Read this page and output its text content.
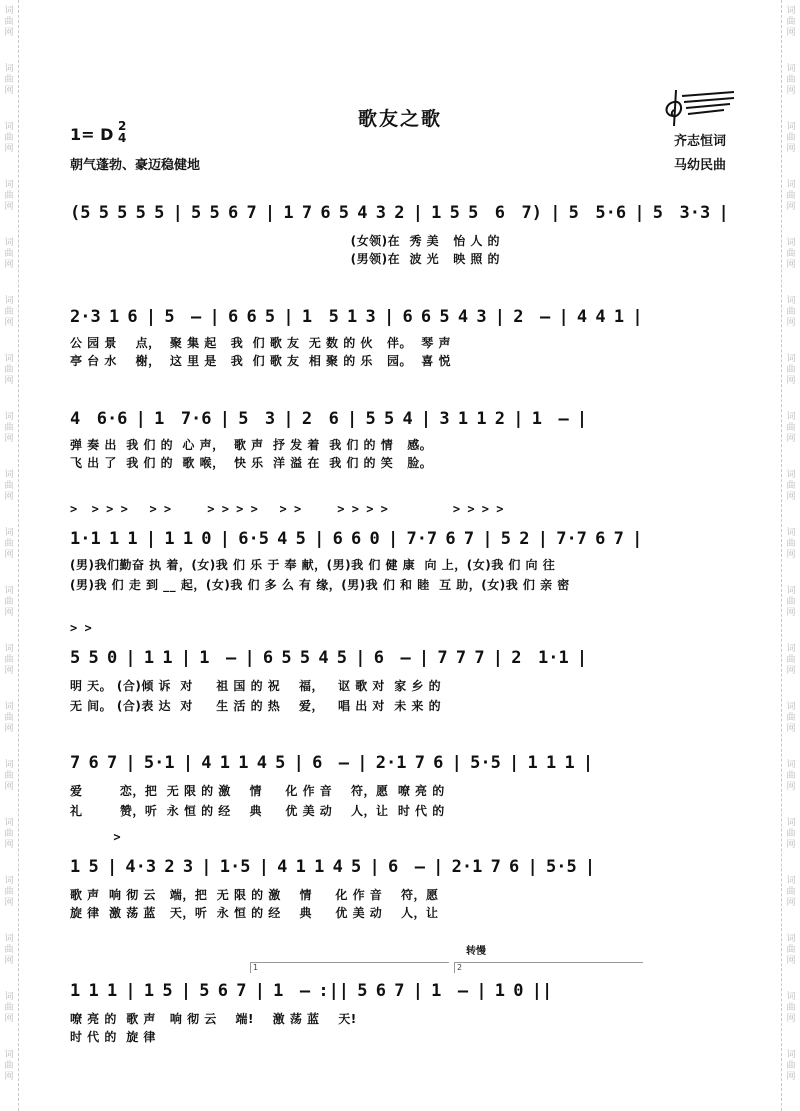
词
曲
网
词
曲
网
词
曲
网
词
曲
网
词
曲
网
词
曲
网
词
曲
网
词
曲
网
词
曲
网
词
曲
网
词
曲
网
词
曲
网
词
曲
网
词
曲
网
词
曲
网
词
曲
网
词
曲
网
词
曲
网
词
曲
网
词
曲
网
词
曲
网
词
曲
网
词
曲
网
词
曲
网
词
曲
网
词
曲
网
词
曲
网
词
曲
网
词
曲
网
词
曲
网
词
曲
网
词
曲
网
词
曲
网
词
曲
网
词
曲
网
词
曲
网
词
曲
网
词
曲
网
歌友之歌
1= D 2
4
朝气蓬勃、豪迈稳健地
齐志恒词
马幼民曲
(5 5 5 5 5 | 5 5 6 7 | 1 7 6 5 4 3 2 | 1 5 5  6  7) | 5  5·6 | 5  3·3 |
(女领)在  秀 美   怡 人 的
(男领)在  波 光   映 照 的
2·3 1 6 | 5  – | 6 6 5 | 1  5 1 3 | 6 6 5 4 3 | 2  – | 4 4 1 |
公 园 景    点，  聚 集 起   我  们 歌 友  无 数 的 伙   伴。  琴 声
亭 台 水    榭，  这 里 是   我  们 歌 友  相 聚 的 乐   园。  喜 悦
4  6·6 | 1  7·6 | 5  3 | 2  6 | 5 5 4 | 3 1 1 2 | 1  – |
弹 奏 出  我 们 的  心 声，  歌 声  抒 发 着  我 们 的 情   感。
飞 出 了  我 们 的  歌 喉，  快 乐  洋 溢 在  我 们 的 笑   脸。
>  > > >   > >     > > > >   > >     > > > >         > > > >
1·1 1 1 | 1 1 0 | 6·5 4 5 | 6 6 0 | 7·7 6 7 | 5 2 | 7·7 6 7 |
(男)我们勤奋 执 着，(女)我 们 乐 于 奉 献，(男)我 们 健 康  向 上，(女)我 们 向 往
(男)我 们 走 到 __ 起，(女)我 们 多 么 有 缘，(男)我 们 和 睦  互 助，(女)我 们 亲 密
> >
5 5 0 | 1 1 | 1  – | 6 5 5 4 5 | 6  – | 7 7 7 | 2  1·1 |
明 天。 (合)倾 诉  对     祖 国 的 祝    福，   讴 歌 对  家 乡 的
无 间。 (合)表 达  对     生 活 的 热    爱，   唱 出 对  未 来 的
7 6 7 | 5·1 | 4 1 1 4 5 | 6  – | 2·1 7 6 | 5·5 | 1 1 1 |
爱        恋，把  无 限 的 激    情     化 作 音    符，愿  嘹 亮 的
礼        赞，听  永 恒 的 经    典     优 美 动    人，让  时 代 的
>
1 5 | 4·3 2 3 | 1·5 | 4 1 1 4 5 | 6  – | 2·1 7 6 | 5·5 |
歌 声  响 彻 云   端，把  无 限 的 激    情     化 作 音    符，愿
旋 律  激 荡 蓝   天，听  永 恒 的 经    典     优 美 动    人，让
转慢
1	2
1 1 1 | 1 5 | 5 6 7 | 1  – :|| 5 6 7 | 1  – | 1 0 ||
嘹 亮 的  歌 声   响 彻 云    端!    激 荡 蓝    天!
时 代 的  旋 律
